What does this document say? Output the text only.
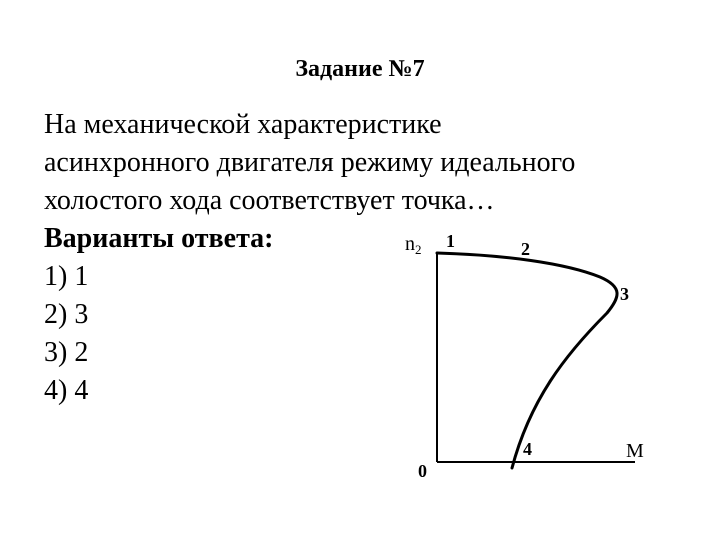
Задание №7
На механической характеристике
асинхронного двигателя режиму идеального
холостого хода соответствует точка…
Варианты ответа:
1) 1
2) 3
3) 2
4) 4
$n_2$ 1	2
3
4	М
0
